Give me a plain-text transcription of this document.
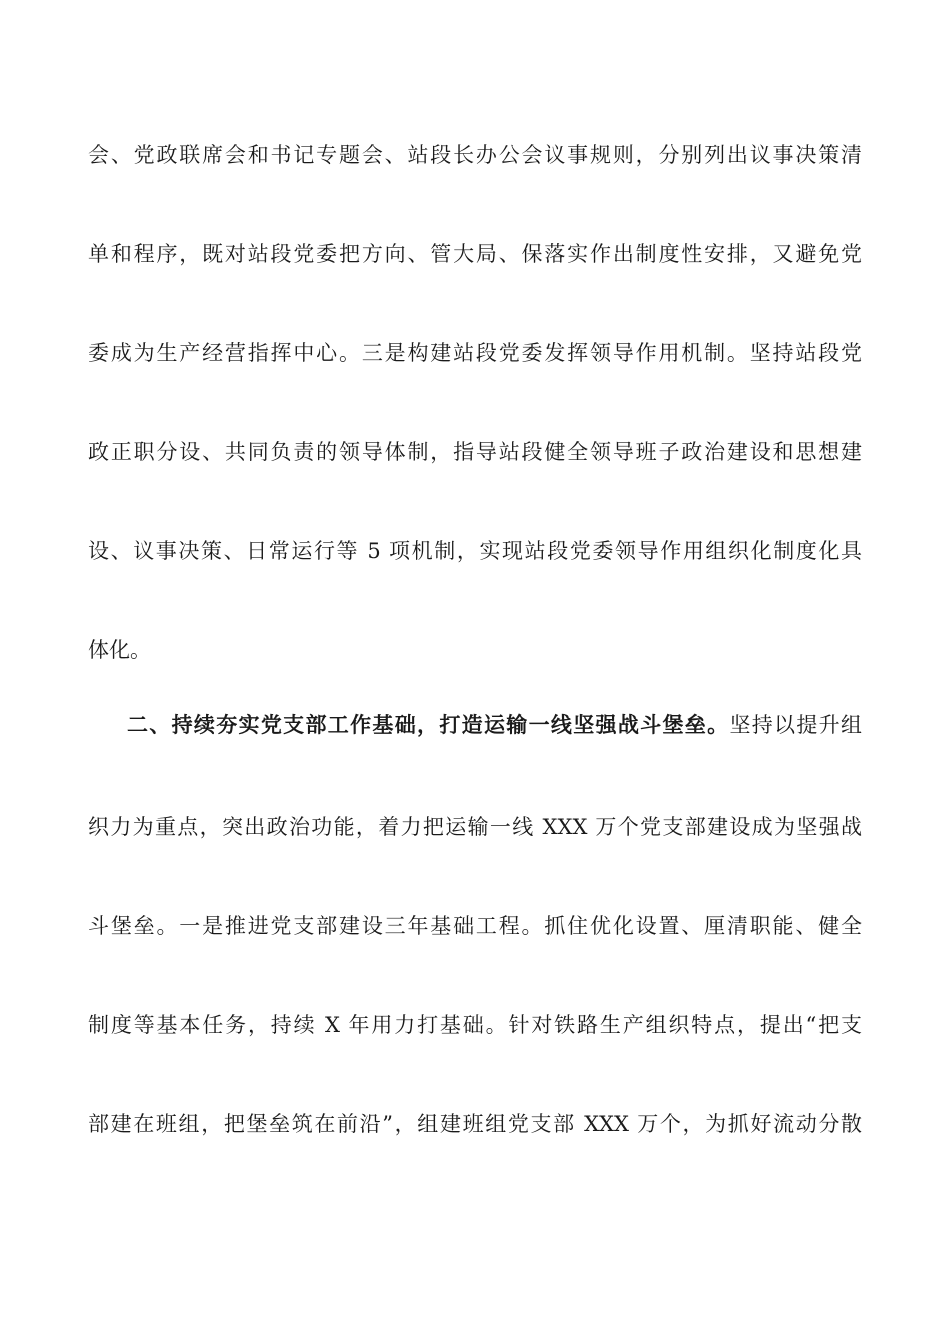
会、党政联席会和书记专题会、站段长办公会议事规则，分别列出议事决策清
单和程序，既对站段党委把方向、管大局、保落实作出制度性安排，又避免党
委成为生产经营指挥中心。三是构建站段党委发挥领导作用机制。坚持站段党
政正职分设、共同负责的领导体制，指导站段健全领导班子政治建设和思想建
设、议事决策、日常运行等 5 项机制，实现站段党委领导作用组织化制度化具
体化。
二、持续夯实党支部工作基础，打造运输一线坚强战斗堡垒。坚持以提升组
织力为重点，突出政治功能，着力把运输一线 XXX 万个党支部建设成为坚强战
斗堡垒。一是推进党支部建设三年基础工程。抓住优化设置、厘清职能、健全
制度等基本任务，持续 X 年用力打基础。针对铁路生产组织特点，提出“把支
部建在班组，把堡垒筑在前沿”，组建班组党支部 XXX 万个，为抓好流动分散
